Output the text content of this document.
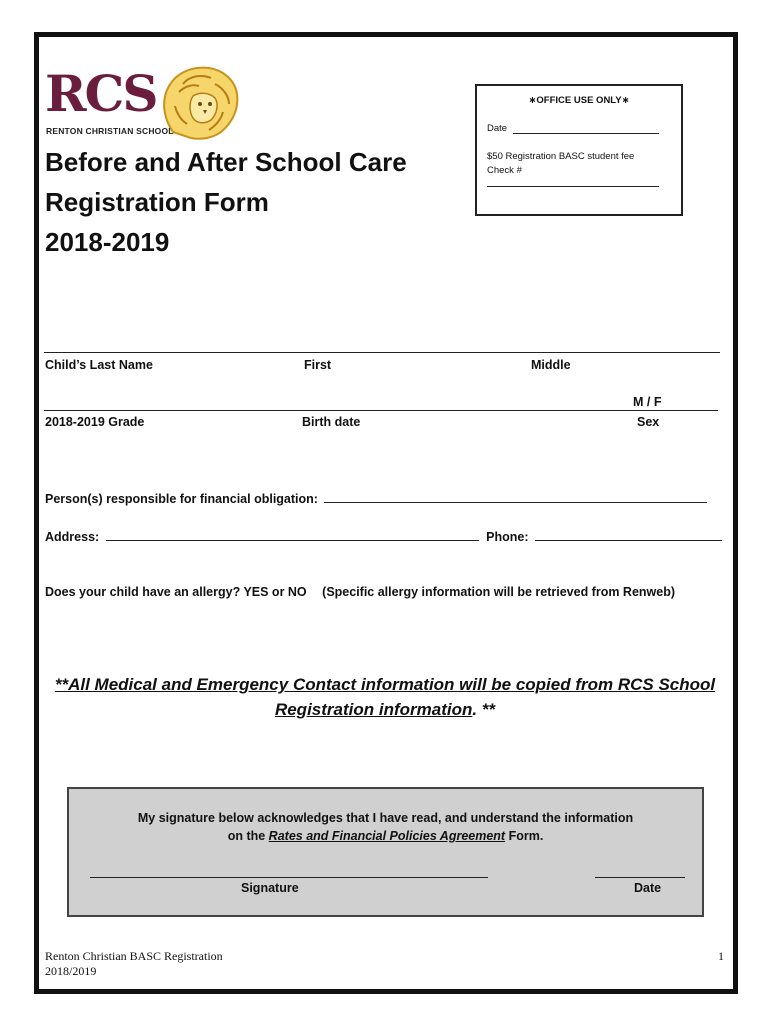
RCS
RENTON CHRISTIAN SCHOOL
Before and After School Care
Registration Form
2018-2019
∗OFFICE USE ONLY∗
Date
$50 Registration BASC student fee
Check #
Child’s Last Name	First	Middle
M / F
2018-2019 Grade	Birth date	Sex
Person(s) responsible for financial obligation:
Address:	Phone:
Does your child have an allergy? YES or NO (Specific allergy information will be retrieved from Renweb)
**All Medical and Emergency Contact information will be copied from RCS School
Registration information. **
My signature below acknowledges that I have read, and understand the information
on the Rates and Financial Policies Agreement Form.
Signature	Date
Renton Christian BASC Registration
2018/2019
1
